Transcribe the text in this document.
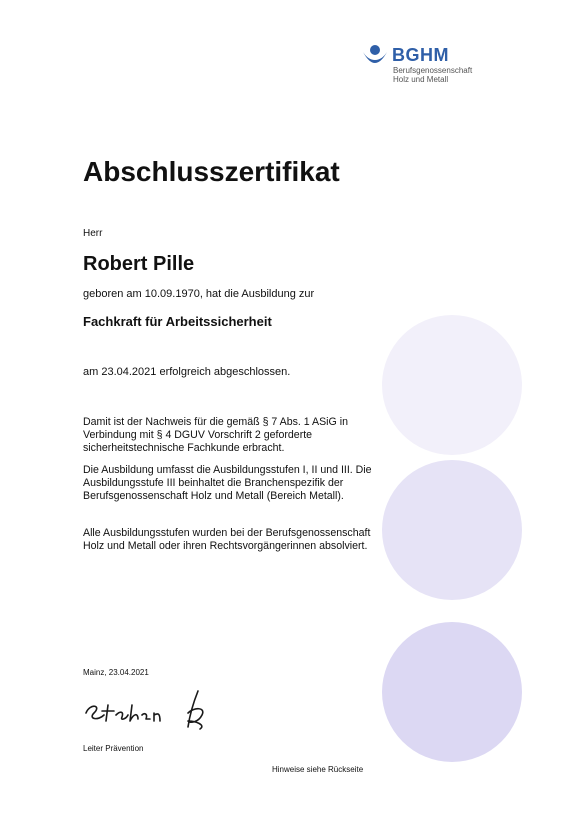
BGHM
Berufsgenossenschaft
Holz und Metall
Abschlusszertifikat
Herr
Robert Pille
geboren am 10.09.1970, hat die Ausbildung zur
Fachkraft für Arbeitssicherheit
am 23.04.2021 erfolgreich abgeschlossen.
Damit ist der Nachweis für die gemäß § 7 Abs. 1 ASiG in Verbindung mit § 4 DGUV Vorschrift 2 geforderte sicherheitstechnische Fachkunde erbracht.
Die Ausbildung umfasst die Ausbildungsstufen I, II und III. Die Ausbildungsstufe III beinhaltet die Branchenspezifik der Berufsgenossenschaft Holz und Metall (Bereich Metall).
Alle Ausbildungsstufen wurden bei der Berufsgenossenschaft Holz und Metall oder ihren Rechtsvorgängerinnen absolviert.
Mainz, 23.04.2021
Leiter Prävention
Hinweise siehe Rückseite
